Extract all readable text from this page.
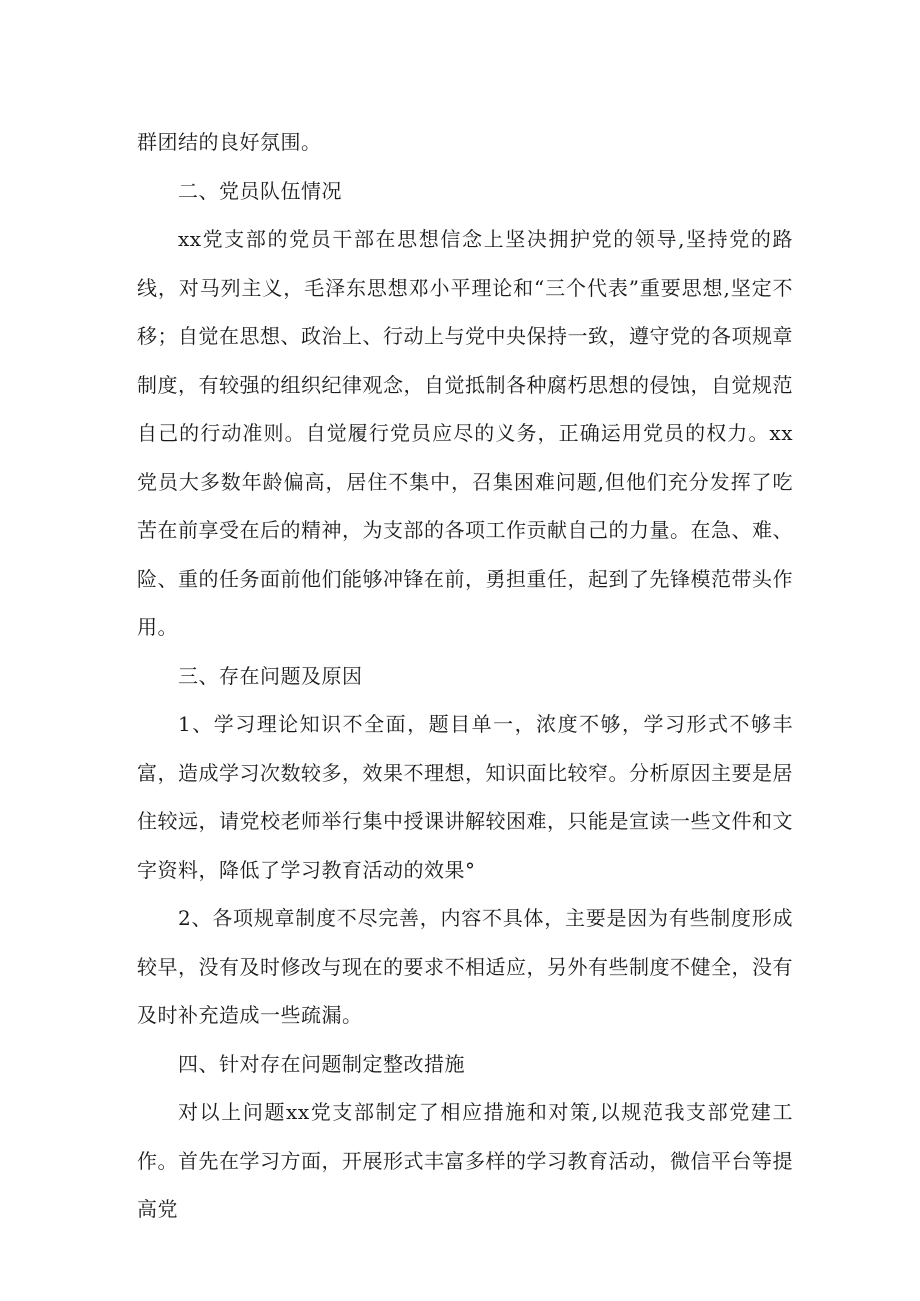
群团结的良好氛围。

二、党员队伍情况

xx党支部的党员干部在思想信念上坚决拥护党的领导,坚持党的路线，对马列主义，毛泽东思想邓小平理论和“三个代表”重要思想,坚定不移；自觉在思想、政治上、行动上与党中央保持一致，遵守党的各项规章制度，有较强的组织纪律观念，自觉抵制各种腐朽思想的侵蚀，自觉规范自己的行动准则。自觉履行党员应尽的义务，正确运用党员的权力。xx党员大多数年龄偏高，居住不集中，召集困难问题,但他们充分发挥了吃苦在前享受在后的精神，为支部的各项工作贡献自己的力量。在急、难、险、重的任务面前他们能够冲锋在前，勇担重任，起到了先锋模范带头作用。

三、存在问题及原因

1、学习理论知识不全面，题目单一，浓度不够，学习形式不够丰富，造成学习次数较多，效果不理想，知识面比较窄。分析原因主要是居住较远，请党校老师举行集中授课讲解较困难，只能是宣读一些文件和文字资料，降低了学习教育活动的效果°

2、各项规章制度不尽完善，内容不具体，主要是因为有些制度形成较早，没有及时修改与现在的要求不相适应，另外有些制度不健全，没有及时补充造成一些疏漏。

四、针对存在问题制定整改措施

对以上问题xx党支部制定了相应措施和对策,以规范我支部党建工作。首先在学习方面，开展形式丰富多样的学习教育活动，微信平台等提高党
